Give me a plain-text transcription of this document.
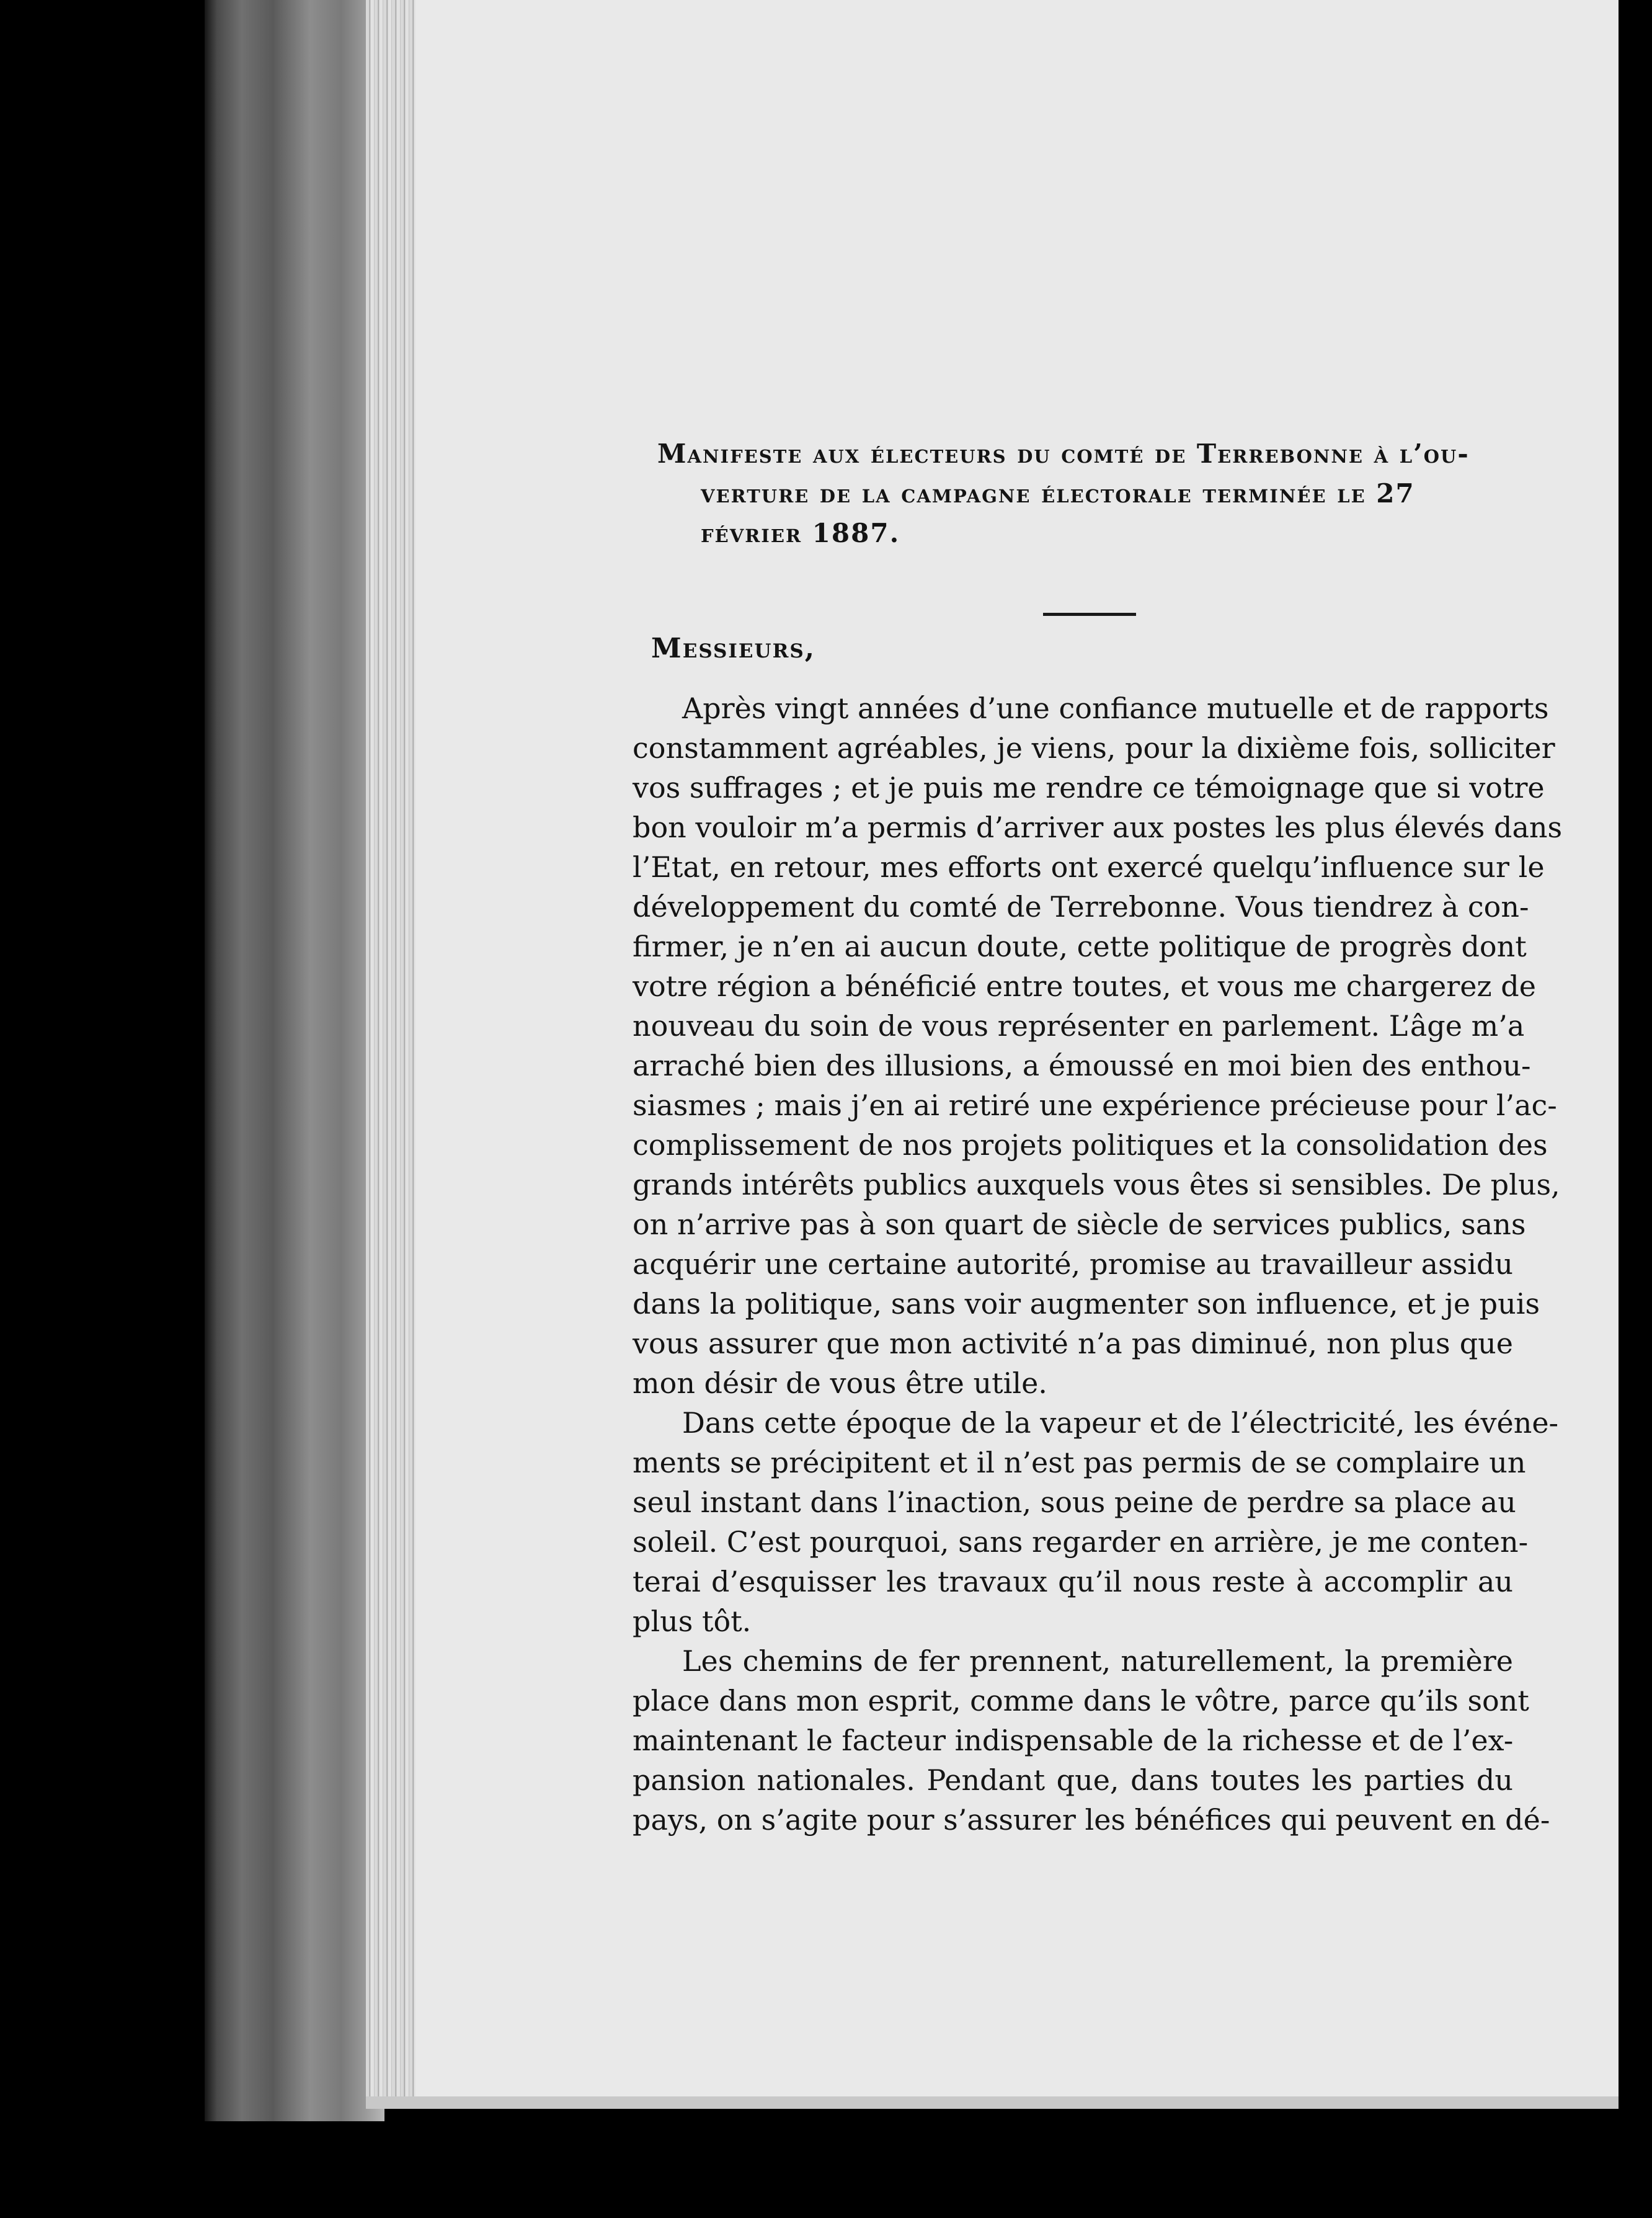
Manifeste aux électeurs du comté de Terrebonne à l’ou-
verture de la campagne électorale terminée le 27
février 1887.
Messieurs,
Après vingt années d’une confiance mutuelle et de rapports
constamment agréables, je viens, pour la dixième fois, solliciter
vos suffrages ; et je puis me rendre ce témoignage que si votre
bon vouloir m’a permis d’arriver aux postes les plus élevés dans
l’Etat, en retour, mes efforts ont exercé quelqu’influence sur le
développement du comté de Terrebonne. Vous tiendrez à con-
firmer, je n’en ai aucun doute, cette politique de progrès dont
votre région a bénéficié entre toutes, et vous me chargerez de
nouveau du soin de vous représenter en parlement. L’âge m’a
arraché bien des illusions, a émoussé en moi bien des enthou-
siasmes ; mais j’en ai retiré une expérience précieuse pour l’ac-
complissement de nos projets politiques et la consolidation des
grands intérêts publics auxquels vous êtes si sensibles. De plus,
on n’arrive pas à son quart de siècle de services publics, sans
acquérir une certaine autorité, promise au travailleur assidu
dans la politique, sans voir augmenter son influence, et je puis
vous assurer que mon activité n’a pas diminué, non plus que
mon désir de vous être utile.
Dans cette époque de la vapeur et de l’électricité, les événe-
ments se précipitent et il n’est pas permis de se complaire un
seul instant dans l’inaction, sous peine de perdre sa place au
soleil. C’est pourquoi, sans regarder en arrière, je me conten-
terai d’esquisser les travaux qu’il nous reste à accomplir au
plus tôt.
Les chemins de fer prennent, naturellement, la première
place dans mon esprit, comme dans le vôtre, parce qu’ils sont
maintenant le facteur indispensable de la richesse et de l’ex-
pansion nationales. Pendant que, dans toutes les parties du
pays, on s’agite pour s’assurer les bénéfices qui peuvent en dé-
